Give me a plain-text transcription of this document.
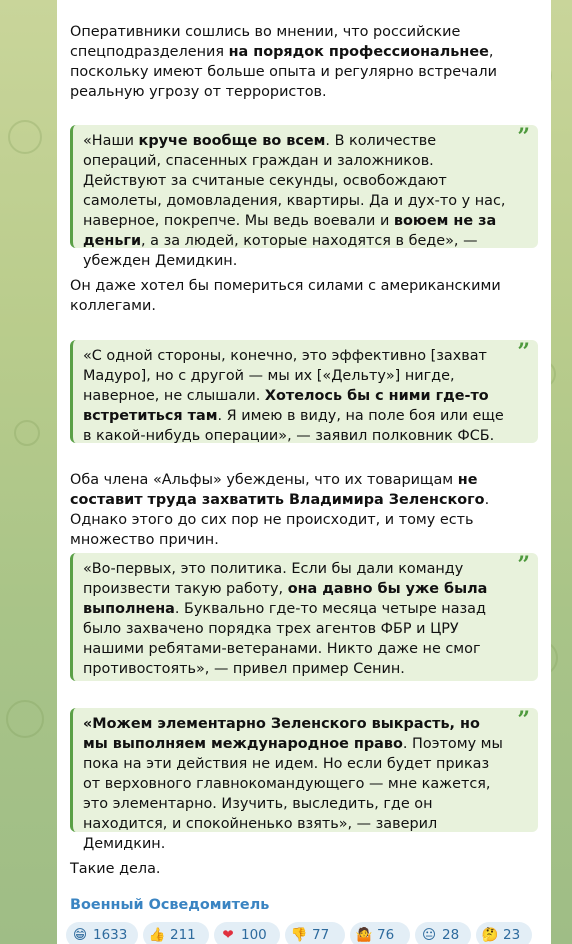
Оперативники сошлись во мнении, что российские спецподразделения на порядок профессиональнее, поскольку имеют больше опыта и регулярно встречали реальную угрозу от террористов.
”
«Наши круче вообще во всем. В количестве операций, спасенных граждан и заложников. Действуют за считаные секунды, освобождают самолеты, домовладения, квартиры. Да и дух-то у нас, наверное, покрепче. Мы ведь воевали и воюем не за деньги, а за людей, которые находятся в беде», — убежден Демидкин.
Он даже хотел бы помериться силами с американскими коллегами.
”
«С одной стороны, конечно, это эффективно [захват Мадуро], но с другой — мы их [«Дельту»] нигде, наверное, не слышали. Хотелось бы с ними где-то встретиться там. Я имею в виду, на поле боя или еще в какой-нибудь операции», — заявил полковник ФСБ.
Оба члена «Альфы» убеждены, что их товарищам не составит труда захватить Владимира Зеленского. Однако этого до сих пор не происходит, и тому есть множество причин.
”
«Во-первых, это политика. Если бы дали команду произвести такую работу, она давно бы уже была выполнена. Буквально где-то месяца четыре назад было захвачено порядка трех агентов ФБР и ЦРУ нашими ребятами-ветеранами. Никто даже не смог противостоять», — привел пример Сенин.
”
«Можем элементарно Зеленского выкрасть, но мы выполняем международное право. Поэтому мы пока на эти действия не идем. Но если будет приказ от верховного главнокомандующего — мне кажется, это элементарно. Изучить, выследить, где он находится, и спокойненько взять», — заверил Демидкин.
Такие дела.
Военный Осведомитель
😁 1633	👍 211	❤ 100	👎 77	🤷 76	😐 28	🤔 23
